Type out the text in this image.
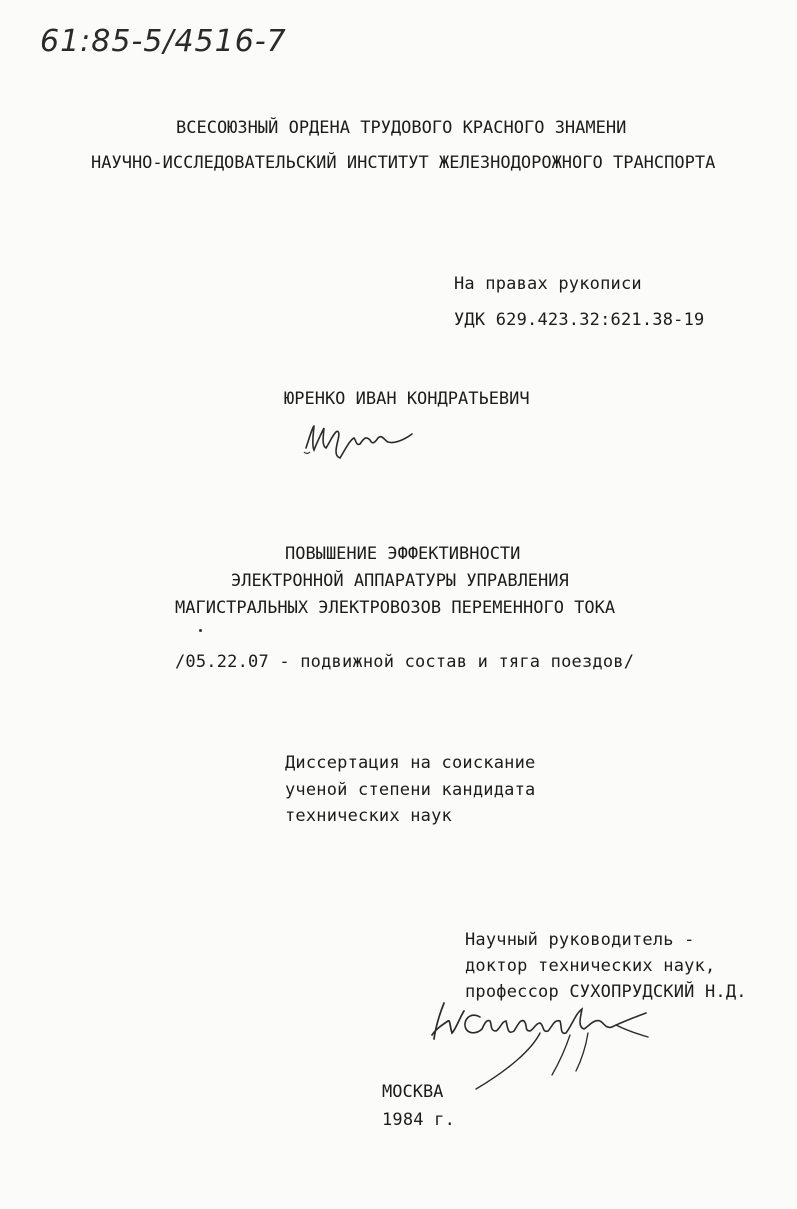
61:85-5/4516-7
ВСЕСОЮЗНЫЙ ОРДЕНА ТРУДОВОГО КРАСНОГО ЗНАМЕНИ
НАУЧНО-ИССЛЕДОВАТЕЛЬСКИЙ ИНСТИТУТ ЖЕЛЕЗНОДОРОЖНОГО ТРАНСПОРТА
На правах рукописи
УДК 629.423.32:621.38-19
ЮРЕНКО ИВАН КОНДРАТЬЕВИЧ
ПОВЫШЕНИЕ ЭФФЕКТИВНОСТИ
ЭЛЕКТРОННОЙ АППАРАТУРЫ УПРАВЛЕНИЯ
МАГИСТРАЛЬНЫХ ЭЛЕКТРОВОЗОВ ПЕРЕМЕННОГО ТОКА
/05.22.07 - подвижной состав и тяга поездов/
Диссертация на соискание
ученой степени кандидата
технических наук
Научный руководитель -
доктор технических наук,
профессор СУХОПРУДСКИЙ Н.Д.
МОСКВА
1984 г.
